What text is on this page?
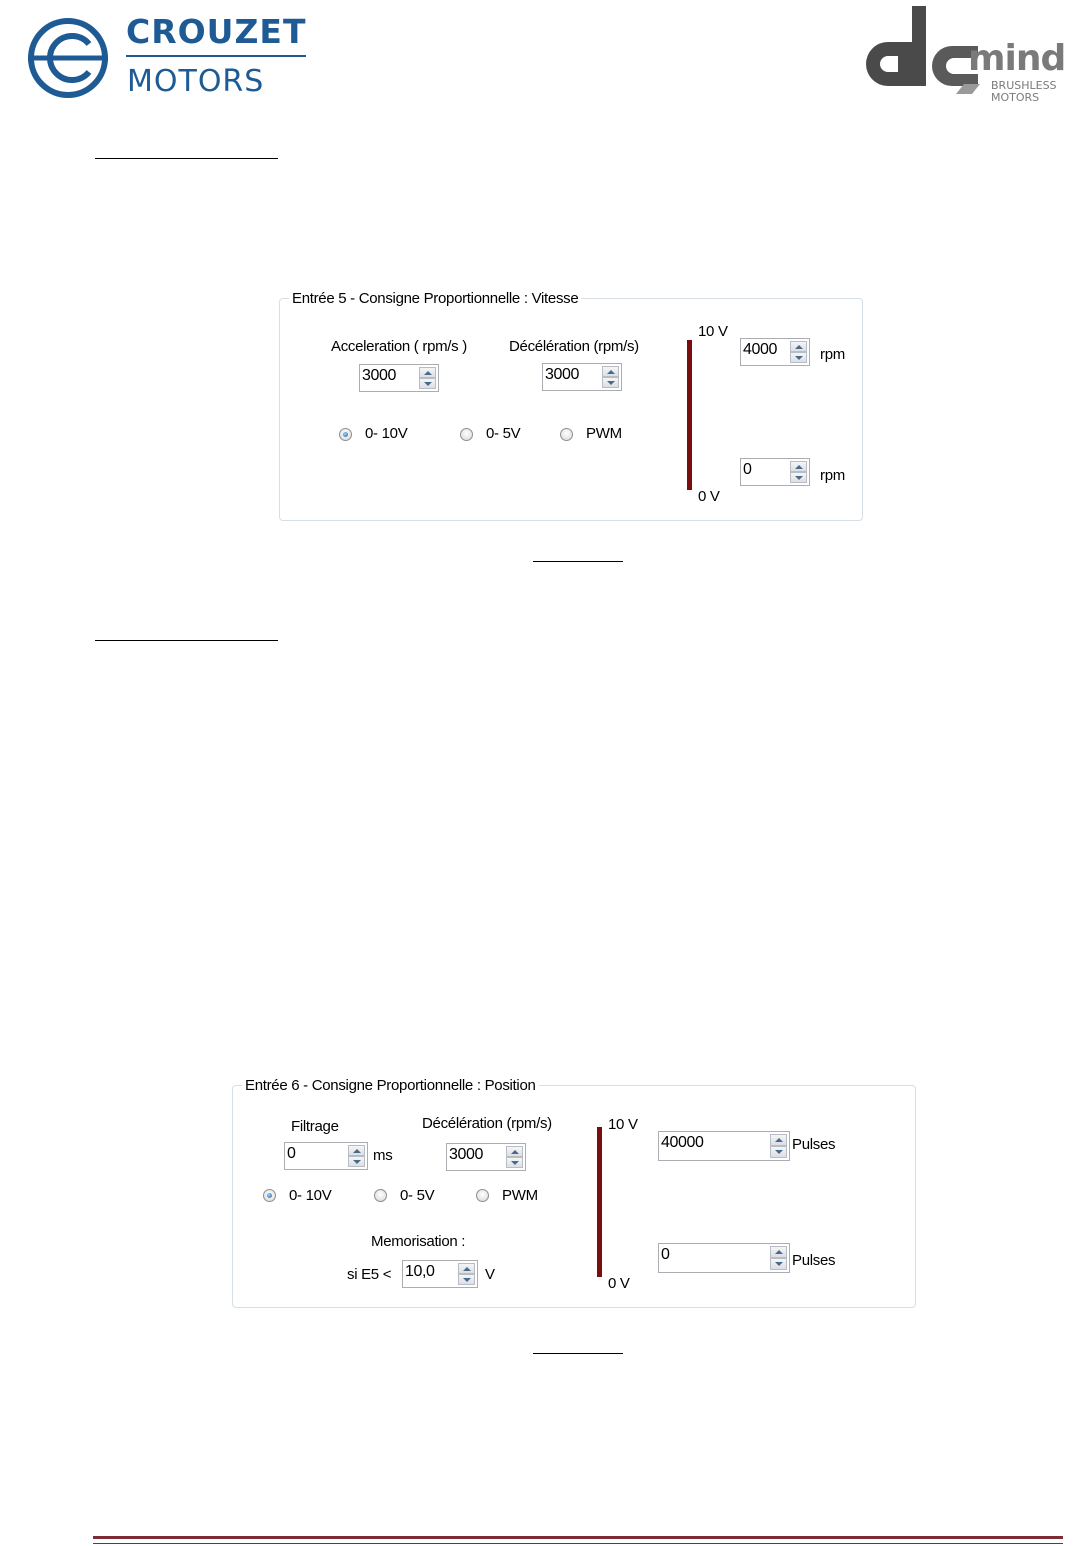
CROUZET
MOTORS
mind
BRUSHLESS
MOTORS
Entrée 5 - Consigne Proportionnelle : Vitesse
Acceleration ( rpm/s )
3000
Décélération (rpm/s)
3000
0- 10V	0- 5V	PWM
10 V
0 V
4000	rpm
0	rpm
Entrée 6 - Consigne Proportionnelle : Position
Filtrage
0	ms
Décélération (rpm/s)
3000
0- 10V	0- 5V	PWM
Memorisation :
si E5 < 10,0	V
10 V
0 V
40000	Pulses
0	Pulses
